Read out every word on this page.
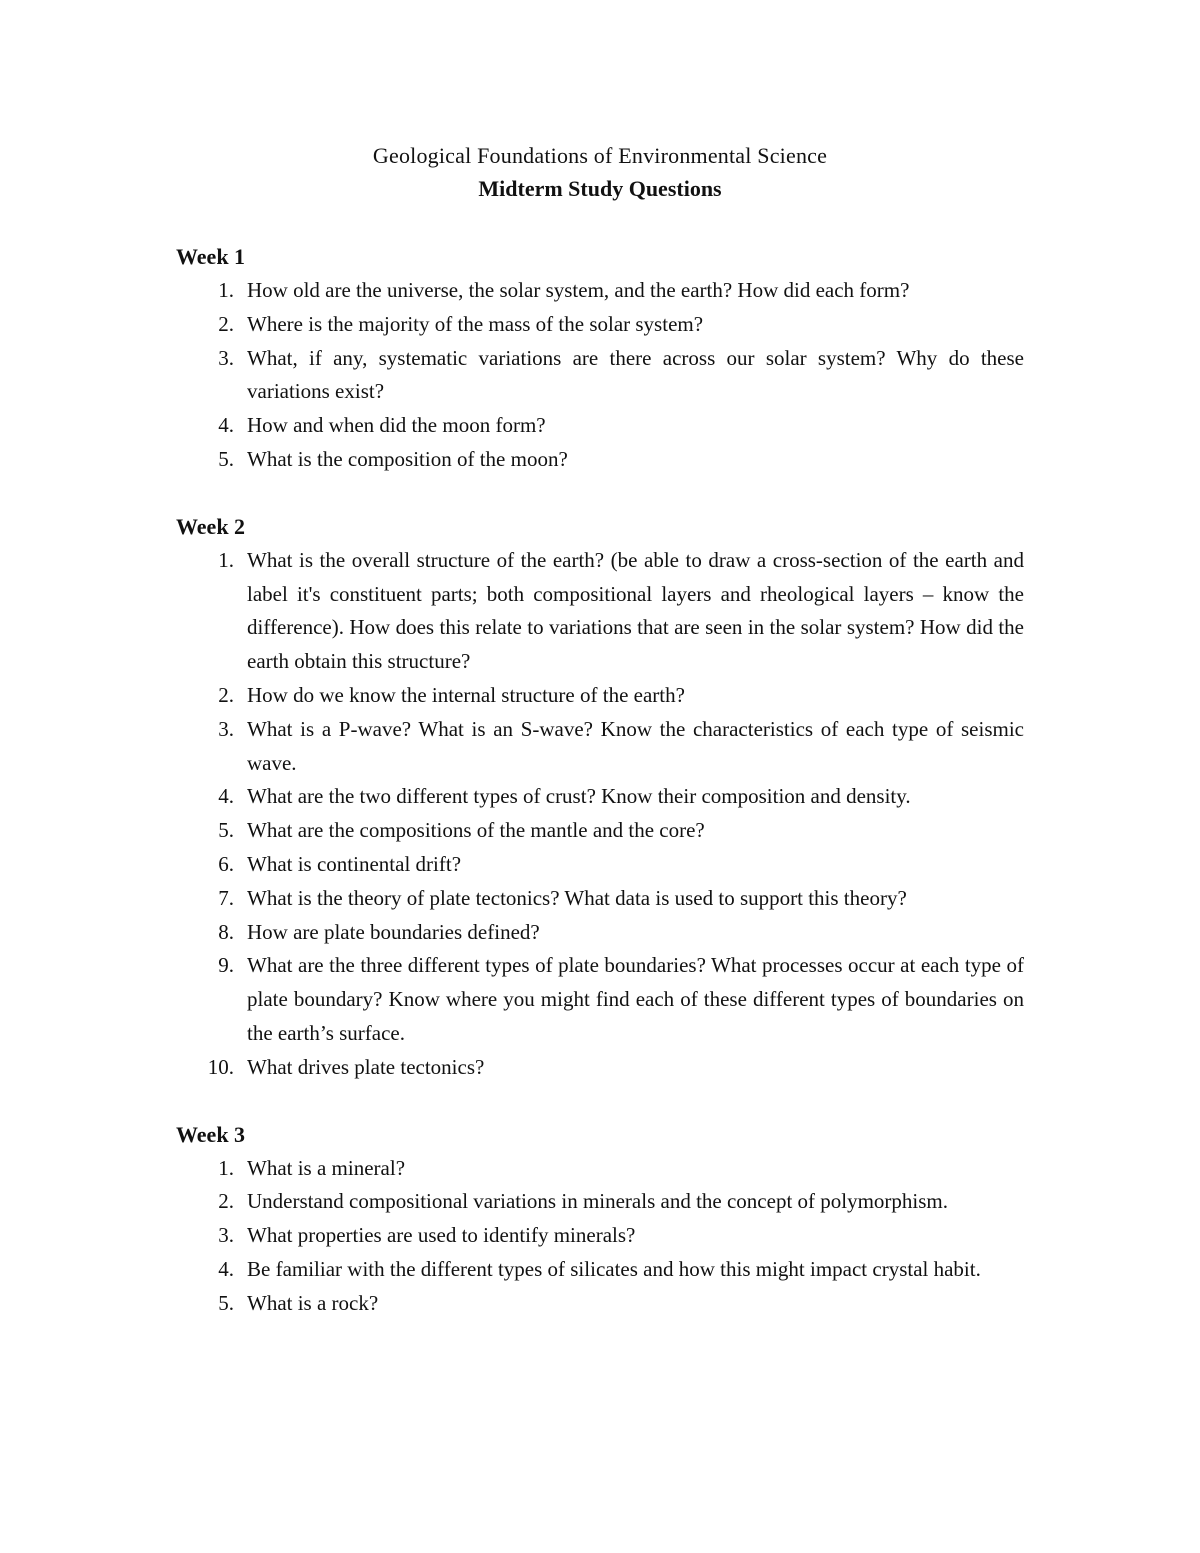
Geological Foundations of Environmental Science
Midterm Study Questions
Week 1
1. How old are the universe, the solar system, and the earth? How did each form?
2. Where is the majority of the mass of the solar system?
3. What, if any, systematic variations are there across our solar system? Why do these variations exist?
4. How and when did the moon form?
5. What is the composition of the moon?
Week 2
1. What is the overall structure of the earth? (be able to draw a cross-section of the earth and label it's constituent parts; both compositional layers and rheological layers – know the difference). How does this relate to variations that are seen in the solar system? How did the earth obtain this structure?
2. How do we know the internal structure of the earth?
3. What is a P-wave? What is an S-wave? Know the characteristics of each type of seismic wave.
4. What are the two different types of crust? Know their composition and density.
5. What are the compositions of the mantle and the core?
6. What is continental drift?
7. What is the theory of plate tectonics? What data is used to support this theory?
8. How are plate boundaries defined?
9. What are the three different types of plate boundaries? What processes occur at each type of plate boundary? Know where you might find each of these different types of boundaries on the earth’s surface.
10. What drives plate tectonics?
Week 3
1. What is a mineral?
2. Understand compositional variations in minerals and the concept of polymorphism.
3. What properties are used to identify minerals?
4. Be familiar with the different types of silicates and how this might impact crystal habit.
5. What is a rock?
